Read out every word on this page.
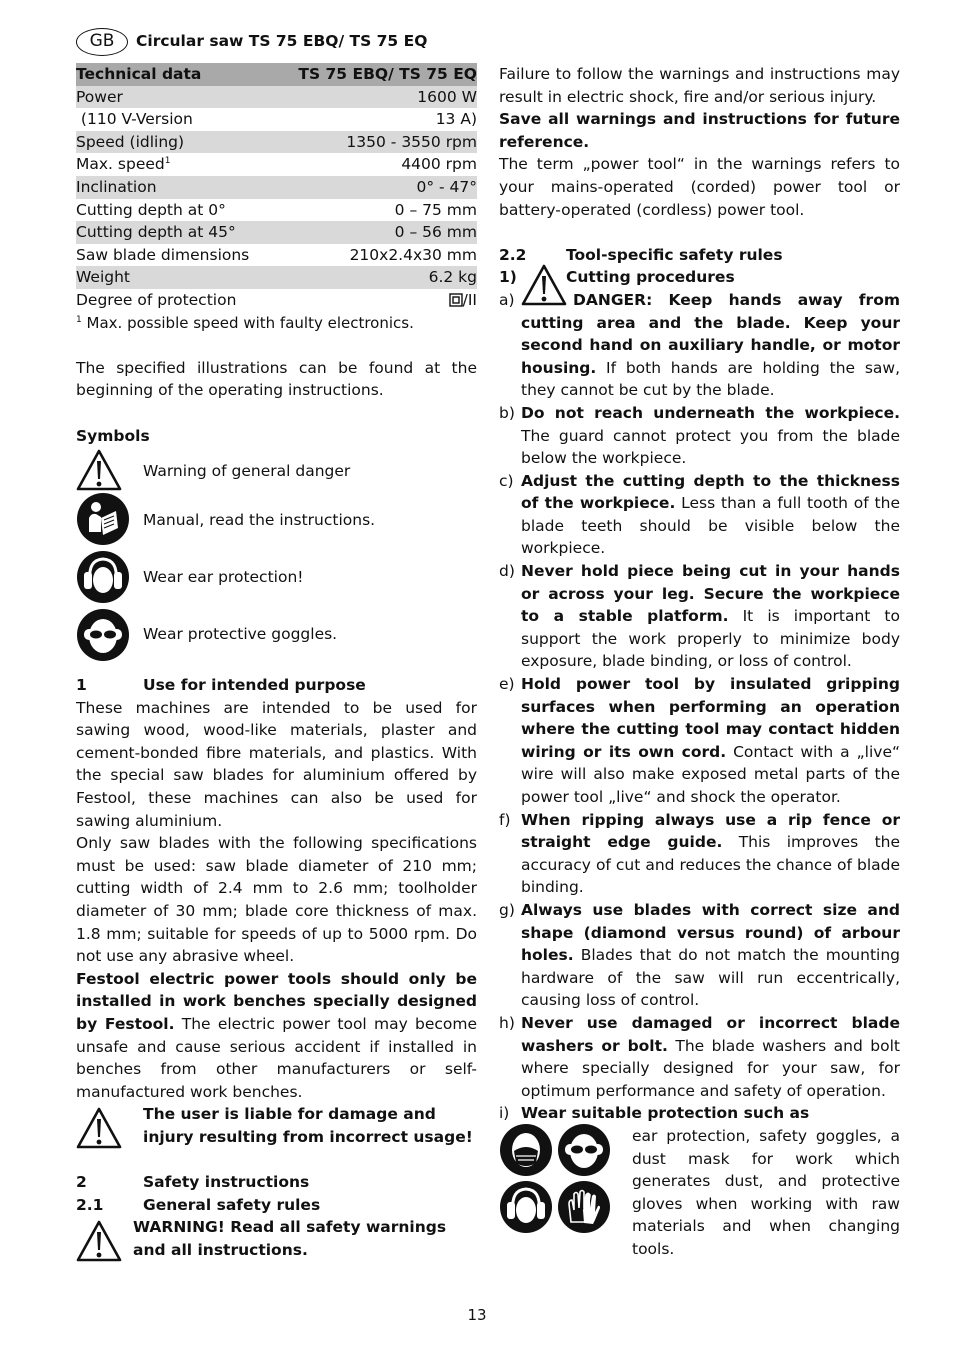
GB	Circular saw TS 75 EBQ/ TS 75 EQ
Technical data	TS 75 EBQ/ TS 75 EQ
Power	1600 W
(110 V-Version	13 A)
Speed (idling)	1350 - 3550 rpm
Max. speed$^1$	4400 rpm
Inclination	0° - 47°
Cutting depth at 0°	0 – 75 mm
Cutting depth at 45°	0 – 56 mm
Saw blade dimensions	210x2.4x30 mm
Weight	6.2 kg
Degree of protection	/II

$^1$ Max. possible speed with faulty electronics.

The specified illustrations can be found at the beginning of the operating instructions.

Symbols

Warning of general danger
Manual, read the instructions.
Wear ear protection!
Wear protective goggles.
1	Use for intended purpose

These machines are intended to be used for sawing wood, wood-like materials, plaster and cement-bonded fibre materials, and plastics. With the special saw blades for aluminium offered by Festool, these machines can also be used for sawing aluminium.

Only saw blades with the following specifications must be used: saw blade diameter of 210 mm; cutting width of 2.4 mm to 2.6 mm; toolholder diameter of 30 mm; blade core thickness of max. 1.8 mm; suitable for speeds of up to 5000 rpm. Do not use any abrasive wheel.

Festool electric power tools should only be installed in work benches specially designed by Festool. The electric power tool may become unsafe and cause serious accident if installed in benches from other manufacturers or self-manufactured work benches.

The user is liable for damage and injury resulting from incorrect usage!

2	Safety instructions
2.1	General safety rules

WARNING! Read all safety warnings and all instructions.

Failure to follow the warnings and instructions may result in electric shock, fire and/or serious injury.

Save all warnings and instructions for future reference.

The term „power tool“ in the warnings refers to your mains-operated (corded) power tool or battery-operated (cordless) power tool.

2.2	Tool-specific safety rules
1)	Cutting procedures
a)	DANGER: Keep hands away from cutting area and the blade. Keep your second hand on auxiliary handle, or motor housing. If both hands are holding the saw, they cannot be cut by the blade.
b) Do not reach underneath the workpiece. The guard cannot protect you from the blade below the workpiece.
c) Adjust the cutting depth to the thickness of the workpiece. Less than a full tooth of the blade teeth should be visible below the workpiece.
d) Never hold piece being cut in your hands or across your leg. Secure the workpiece to a stable platform. It is important to support the work properly to minimize body exposure, blade binding, or loss of control.
e) Hold power tool by insulated gripping surfaces when performing an operation where the cutting tool may contact hidden wiring or its own cord. Contact with a „live“ wire will also make exposed metal parts of the power tool „live“ and shock the operator.
f) When ripping always use a rip fence or straight edge guide. This improves the accuracy of cut and reduces the chance of blade binding.
g) Always use blades with correct size and shape (diamond versus round) of arbour holes. Blades that do not match the mounting hardware of the saw will run eccentrically, causing loss of control.
h) Never use damaged or incorrect blade washers or bolt. The blade washers and bolt where specially designed for your saw, for optimum performance and safety of operation.
i) Wear suitable protection such as

ear protection, safety goggles, a dust mask for work which generates dust, and protective gloves when working with raw materials and when changing tools.

13
